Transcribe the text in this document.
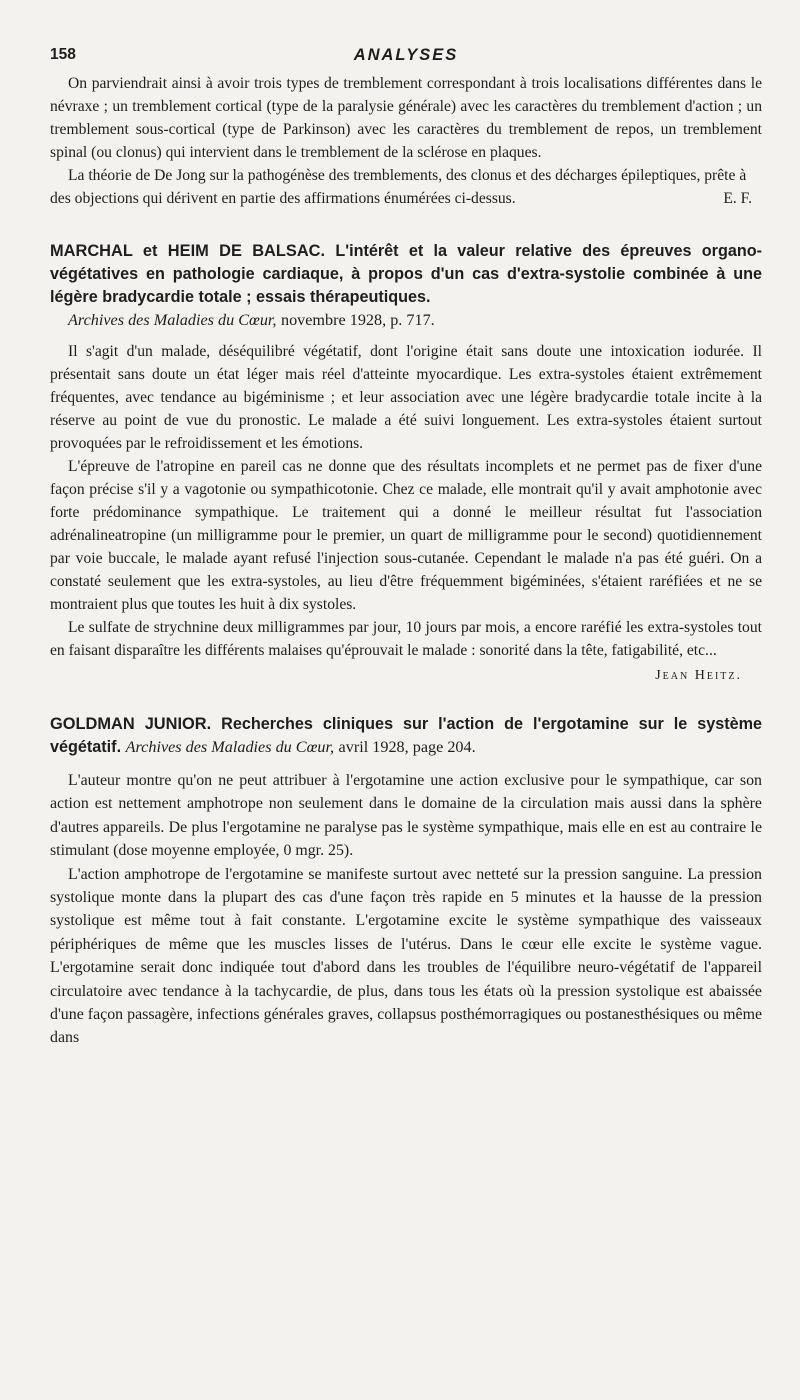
158	ANALYSES

On parviendrait ainsi à avoir trois types de tremblement correspondant à trois localisations différentes dans le névraxe ; un tremblement cortical (type de la paralysie générale) avec les caractères du tremblement d'action ; un tremblement sous-cortical (type de Parkinson) avec les caractères du tremblement de repos, un tremblement spinal (ou clonus) qui intervient dans le tremblement de la sclérose en plaques.

La théorie de De Jong sur la pathogénèse des tremblements, des clonus et des décharges épileptiques, prête à des objections qui dérivent en partie des affirmations énumérées ci-dessus.	E. F.
MARCHAL et HEIM DE BALSAC. L'intérêt et la valeur relative des épreuves organo-végétatives en pathologie cardiaque, à propos d'un cas d'extra-systolie combinée à une légère bradycardie totale ; essais thérapeutiques.
Archives des Maladies du Cœur, novembre 1928, p. 717.

Il s'agit d'un malade, déséquilibré végétatif, dont l'origine était sans doute une intoxication iodurée. Il présentait sans doute un état léger mais réel d'atteinte myocardique. Les extra-systoles étaient extrêmement fréquentes, avec tendance au bigéminisme ; et leur association avec une légère bradycardie totale incite à la réserve au point de vue du pronostic. Le malade a été suivi longuement. Les extra-systoles étaient surtout provoquées par le refroidissement et les émotions.

L'épreuve de l'atropine en pareil cas ne donne que des résultats incomplets et ne permet pas de fixer d'une façon précise s'il y a vagotonie ou sympathicotonie. Chez ce malade, elle montrait qu'il y avait amphotonie avec forte prédominance sympathique. Le traitement qui a donné le meilleur résultat fut l'association adrénalineatropine (un milligramme pour le premier, un quart de milligramme pour le second) quotidiennement par voie buccale, le malade ayant refusé l'injection sous-cutanée. Cependant le malade n'a pas été guéri. On a constaté seulement que les extra-systoles, au lieu d'être fréquemment bigéminées, s'étaient raréfiées et ne se montraient plus que toutes les huit à dix systoles.

Le sulfate de strychnine deux milligrammes par jour, 10 jours par mois, a encore raréfié les extra-systoles tout en faisant disparaître les différents malaises qu'éprouvait le malade : sonorité dans la tête, fatigabilité, etc...

Jean Heitz.
GOLDMAN JUNIOR. Recherches cliniques sur l'action de l'ergotamine sur le système végétatif. Archives des Maladies du Cœur, avril 1928, page 204.

L'auteur montre qu'on ne peut attribuer à l'ergotamine une action exclusive pour le sympathique, car son action est nettement amphotrope non seulement dans le domaine de la circulation mais aussi dans la sphère d'autres appareils. De plus l'ergotamine ne paralyse pas le système sympathique, mais elle en est au contraire le stimulant (dose moyenne employée, 0 mgr. 25).

L'action amphotrope de l'ergotamine se manifeste surtout avec netteté sur la pression sanguine. La pression systolique monte dans la plupart des cas d'une façon très rapide en 5 minutes et la hausse de la pression systolique est même tout à fait constante. L'ergotamine excite le système sympathique des vaisseaux périphériques de même que les muscles lisses de l'utérus. Dans le cœur elle excite le système vague. L'ergotamine serait donc indiquée tout d'abord dans les troubles de l'équilibre neuro-végétatif de l'appareil circulatoire avec tendance à la tachycardie, de plus, dans tous les états où la pression systolique est abaissée d'une façon passagère, infections générales graves, collapsus posthémorragiques ou postanesthésiques ou même dans
